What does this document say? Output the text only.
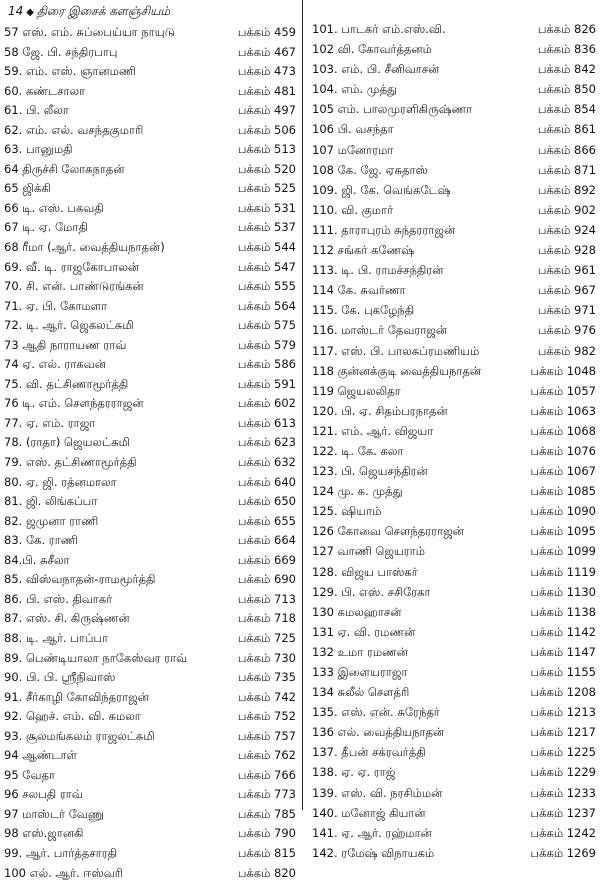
14 ◆ திரை இசைக் களஞ்சியம்
57 எஸ். எம். சுப்பைய்யா நாயுடு	பக்கம் 459
58 ஜே. பி. சந்திரபாபு	பக்கம் 467
59. எம். எஸ். ஞானமணி	பக்கம் 473
60. கண்டசாலா	பக்கம் 481
61. பி. லீலா	பக்கம் 497
62. எம். எல். வசந்தகுமாரி	பக்கம் 506
63. பானுமதி	பக்கம் 513
64 திருச்சி லோகநாதன்	பக்கம் 520
65 ஜிக்கி	பக்கம் 525
66 டி. எஸ். பகவதி	பக்கம் 531
67 டி. ஏ. மோதி	பக்கம் 537
68 ரீமா (ஆர். வைத்தியநாதன்)	பக்கம் 544
69. வீ. டி. ராஜகோபாலன்	பக்கம் 547
70. சி. என். பாண்டுரங்கன்	பக்கம் 555
71. ஏ. பி. கோமளா	பக்கம் 564
72. டி. ஆர். ஜெகலட்சுமி	பக்கம் 575
73 ஆதி நாராயண ராவ்	பக்கம் 579
74 ஏ. எல். ராகவன்	பக்கம் 586
75. வி. தட்சிணாமூர்த்தி	பக்கம் 591
76 டி. எம். சௌந்தரராஜன்	பக்கம் 602
77. ஏ. எம். ராஜா	பக்கம் 613
78. (ராதா) ஜெயலட்சுமி	பக்கம் 623
79. எஸ். தட்சிணாமூர்த்தி	பக்கம் 632
80. ஏ. ஜி. ரத்னமாலா	பக்கம் 640
81. ஜி. லிங்கப்பா	பக்கம் 650
82. ஜமுனா ராணி	பக்கம் 655
83. கே. ராணி	பக்கம் 664
84.பி. சுசீலா	பக்கம் 669
85. விஸ்வநாதன்-ராமமூர்த்தி	பக்கம் 690
86. பி. எஸ். திவாகர்	பக்கம் 713
87. எஸ். சி. கிருஷ்ணன்	பக்கம் 718
88. டி. ஆர். பாப்பா	பக்கம் 725
89. பெண்டியாலா நாகேஸ்வர ராவ்	பக்கம் 730
90. பி. பி. ஸ்ரீநிவாஸ்	பக்கம் 735
91. சீர்காழி கோவிந்தராஜன்	பக்கம் 742
92. ஹெச். எம். வி. கமலா	பக்கம் 752
93. சூலமங்கலம் ராஜலட்சுமி	பக்கம் 757
94 ஆண்டாள்	பக்கம் 762
95 வேதா	பக்கம் 766
96 சலபதி ராவ்	பக்கம் 773
97 மாஸ்டர் வேணு	பக்கம் 785
98 எஸ்.ஜானகி	பக்கம் 790
99. ஆர். பார்த்தசாரதி	பக்கம் 815
100 எல். ஆர். ஈஸ்வரி	பக்கம் 820
101. பாடகர் எம்.எஸ்.வி.	பக்கம் 826
102 வி. கோவர்த்தனம்	பக்கம் 836
103. எம். பி. சீனிவாசன்	பக்கம் 842
104. எம். முத்து	பக்கம் 850
105 எம். பாலமுரளிகிருஷ்ணா	பக்கம் 854
106 பி. வசந்தா	பக்கம் 861
107 மனோரமா	பக்கம் 866
108 கே. ஜே. ஏசுதாஸ்	பக்கம் 871
109. ஜி. கே. வெங்கடேஷ்	பக்கம் 892
110. வி. குமார்	பக்கம் 902
111. தாராபுரம் சுந்தரராஜன்	பக்கம் 924
112 சங்கர் கணேஷ்	பக்கம் 928
113. டி. பி. ராமச்சந்திரன்	பக்கம் 961
114 கே. சுவர்ணா	பக்கம் 967
115. கே. புகழேந்தி	பக்கம் 971
116. மாஸ்டர் தேவராஜன்	பக்கம் 976
117. எஸ். பி. பாலசுப்ரமணியம்	பக்கம் 982
118 குன்னக்குடி வைத்தியநாதன்	பக்கம் 1048
119 ஜெயலலிதா	பக்கம் 1057
120. பி. ஏ. சிதம்பரநாதன்	பக்கம் 1063
121. எம். ஆர். விஜயா	பக்கம் 1068
122. டி. கே. கலா	பக்கம் 1076
123. பி. ஜெயசந்திரன்	பக்கம் 1067
124 மு. க. முத்து	பக்கம் 1085
125. ஷியாம்	பக்கம் 1090
126 கோவை சௌந்தரராஜன்	பக்கம் 1095
127 வாணி ஜெயராம்	பக்கம் 1099
128. விஜய பாஸ்கர்	பக்கம் 1119
129. பி. எஸ். சசிரேகா	பக்கம் 1130
130 கமலஹாசன்	பக்கம் 1138
131 ஏ. வி. ரமணன்	பக்கம் 1142
132 உமா ரமணன்	பக்கம் 1147
133 இளையராஜா	பக்கம் 1155
134 சுலீல் சௌத்ரி	பக்கம் 1208
135. எஸ். என். சுரேந்தர்	பக்கம் 1213
136 எல். வைத்தியநாதன்	பக்கம் 1217
137. தீபன் சக்ரவர்த்தி	பக்கம் 1225
138. ஏ. ஏ. ராஜ்	பக்கம் 1229
139. எஸ். வி. நரசிம்மன்	பக்கம் 1233
140. மனோஜ் கியான்	பக்கம் 1237
141. ஏ. ஆர். ரஹ்மான்	பக்கம் 1242
142. ரமேஷ் விநாயகம்	பக்கம் 1269
